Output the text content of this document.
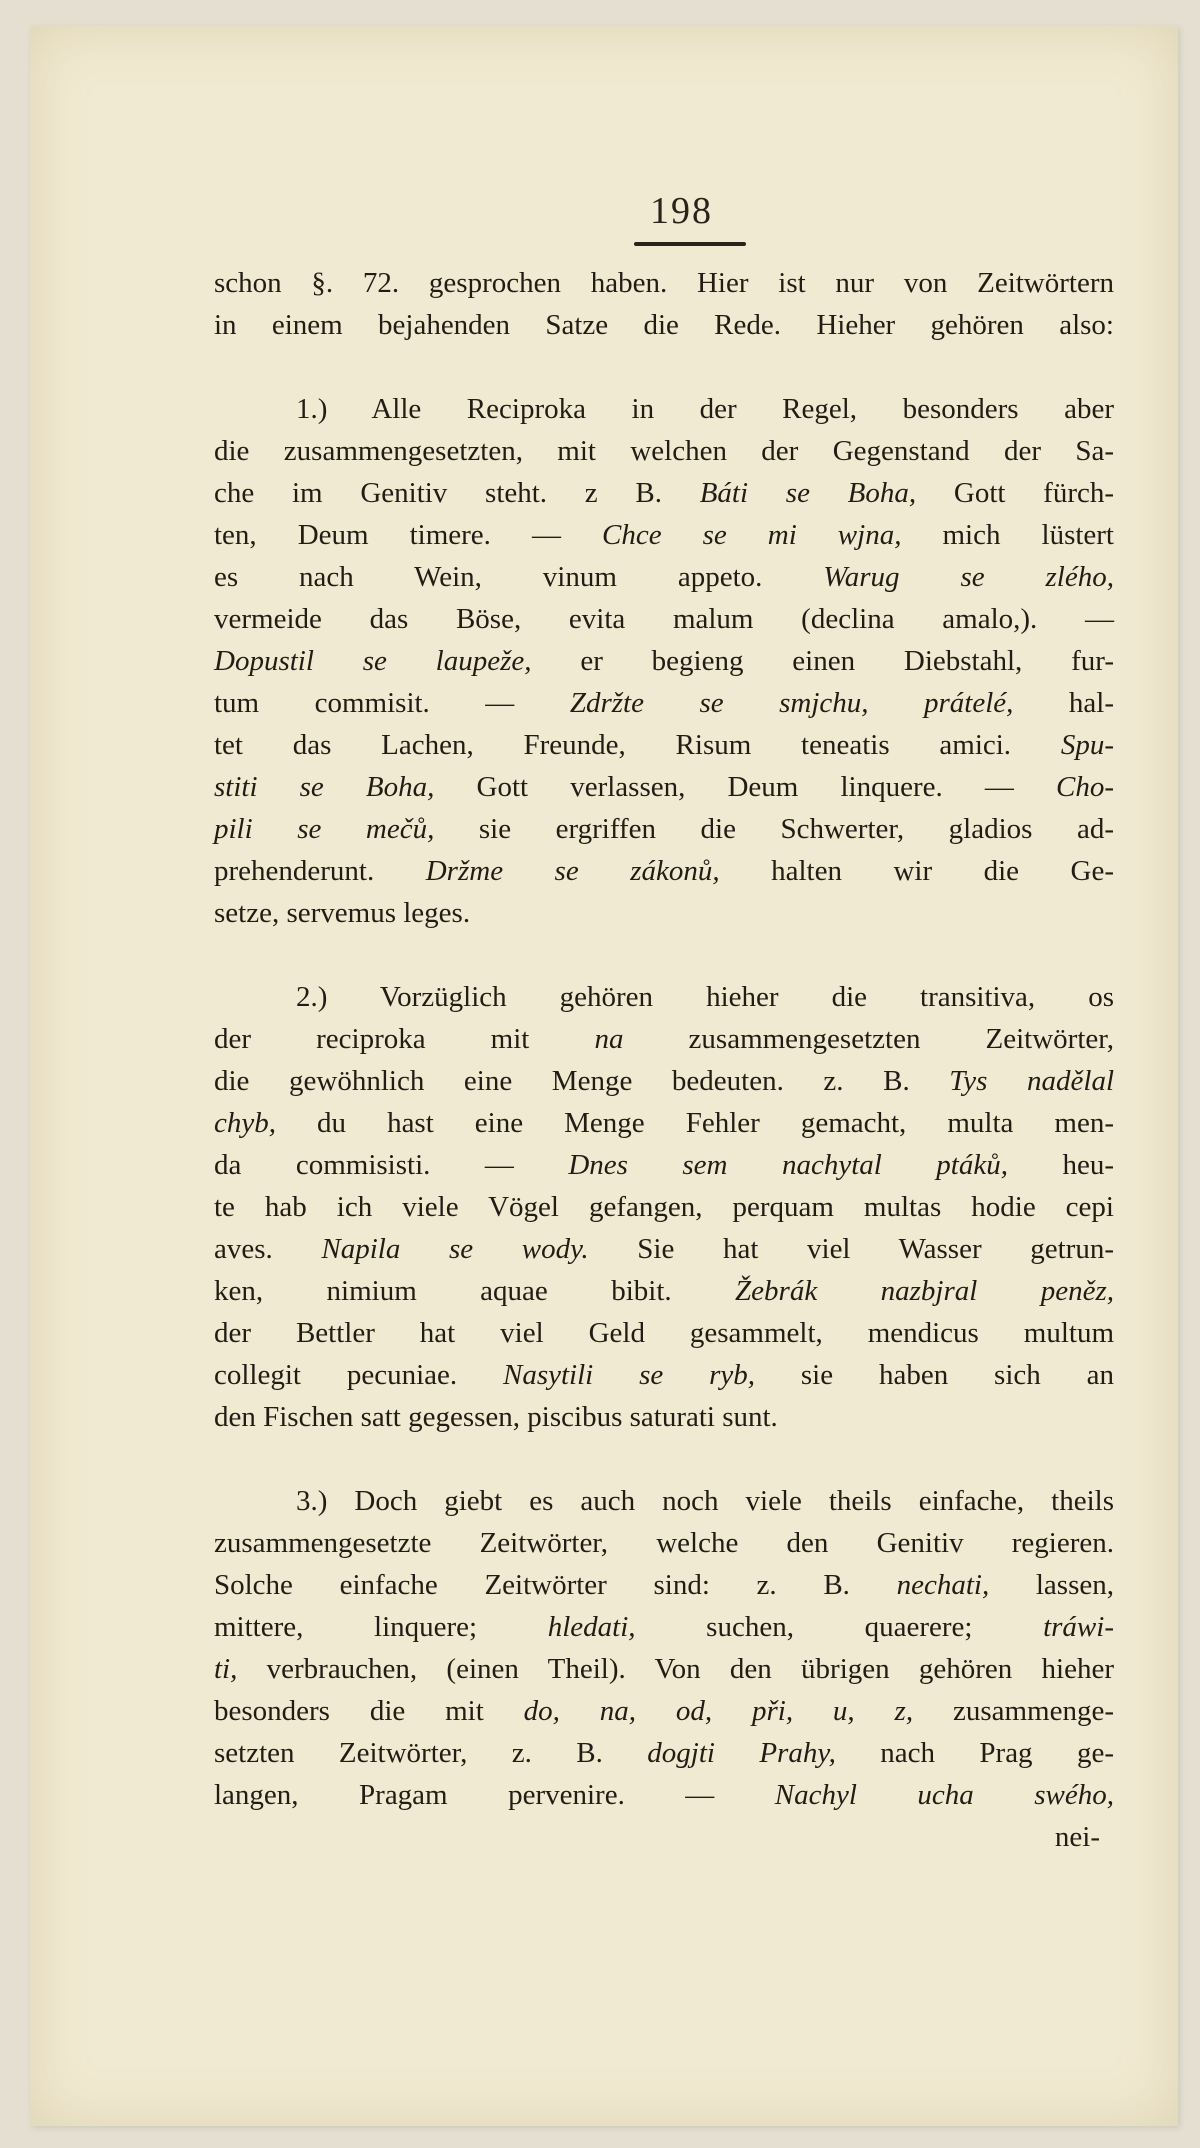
198
schon §. 72. gesprochen haben. Hier ist nur von Zeitwörtern
in einem bejahenden Satze die Rede. Hieher gehören also:
1.) Alle Reciproka in der Regel, besonders aber
die zusammengesetzten, mit welchen der Gegenstand der Sa-
che im Genitiv steht. z B. Báti se Boha, Gott fürch-
ten, Deum timere. — Chce se mi wjna, mich lüstert
es nach Wein, vinum appeto. Warug se zlého,
vermeide das Böse, evita malum (declina amalo,). —
Dopustil se laupeže, er begieng einen Diebstahl, fur-
tum commisit. — Zdržte se smjchu, prátelé, hal-
tet das Lachen, Freunde, Risum teneatis amici. Spu-
stiti se Boha, Gott verlassen, Deum linquere. — Cho-
pili se mečů, sie ergriffen die Schwerter, gladios ad-
prehenderunt. Držme se zákonů, halten wir die Ge-
setze, servemus leges.
2.) Vorzüglich gehören hieher die transitiva, os
der reciproka mit na zusammengesetzten Zeitwörter,
die gewöhnlich eine Menge bedeuten. z. B. Tys nadělal
chyb, du hast eine Menge Fehler gemacht, multa men-
da commisisti. — Dnes sem nachytal ptáků, heu-
te hab ich viele Vögel gefangen, perquam multas hodie cepi
aves. Napila se wody. Sie hat viel Wasser getrun-
ken, nimium aquae bibit. Žebrák nazbjral peněz,
der Bettler hat viel Geld gesammelt, mendicus multum
collegit pecuniae. Nasytili se ryb, sie haben sich an
den Fischen satt gegessen, piscibus saturati sunt.
3.) Doch giebt es auch noch viele theils einfache, theils
zusammengesetzte Zeitwörter, welche den Genitiv regieren.
Solche einfache Zeitwörter sind: z. B. nechati, lassen,
mittere, linquere; hledati, suchen, quaerere; tráwi-
ti, verbrauchen, (einen Theil). Von den übrigen gehören hieher
besonders die mit do, na, od, při, u, z, zusammenge-
setzten Zeitwörter, z. B. dogjti Prahy, nach Prag ge-
langen, Pragam pervenire. — Nachyl ucha swého,
nei-
